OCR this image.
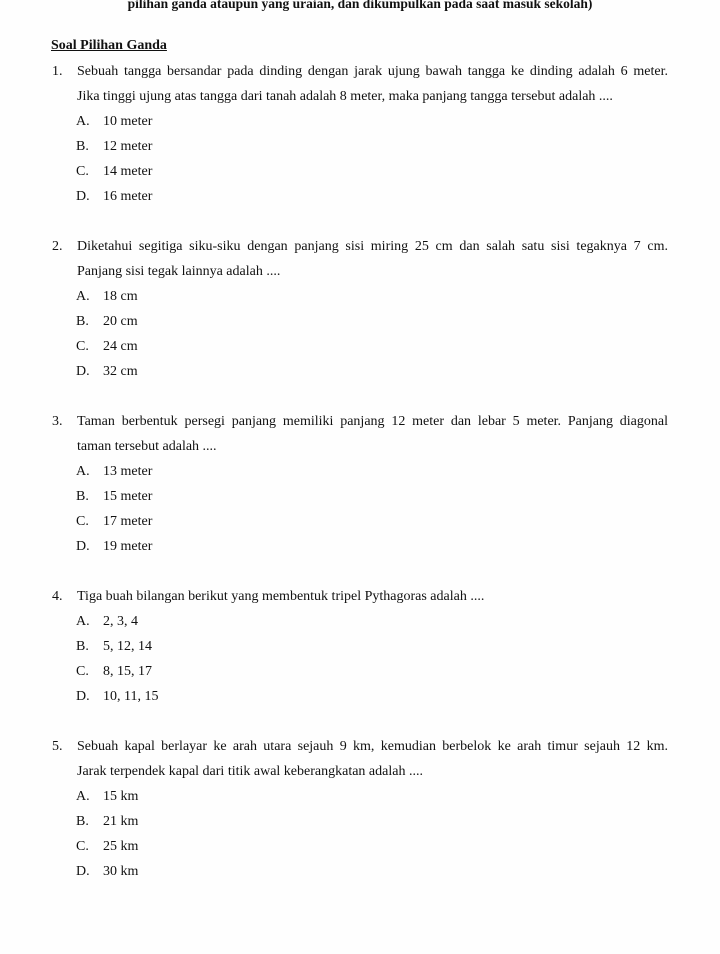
pilihan ganda ataupun yang uraian, dan dikumpulkan pada saat masuk sekolah)
Soal Pilihan Ganda
1.	Sebuah tangga bersandar pada dinding dengan jarak ujung bawah tangga ke dinding adalah 6 meter.
Jika tinggi ujung atas tangga dari tanah adalah 8 meter, maka panjang tangga tersebut adalah ....
A. 10 meter
B.	12 meter
C.	14 meter
D. 16 meter
2.	Diketahui segitiga siku-siku dengan panjang sisi miring 25 cm dan salah satu sisi tegaknya 7 cm.
Panjang sisi tegak lainnya adalah ....
A. 18 cm
B.	20 cm
C.	24 cm
D. 32 cm
3.	Taman berbentuk persegi panjang memiliki panjang 12 meter dan lebar 5 meter. Panjang diagonal
taman tersebut adalah ....
A. 13 meter
B.	15 meter
C.	17 meter
D. 19 meter
4.	Tiga buah bilangan berikut yang membentuk tripel Pythagoras adalah ....
A. 2, 3, 4
B.	5, 12, 14
C.	8, 15, 17
D. 10, 11, 15
5.	Sebuah kapal berlayar ke arah utara sejauh 9 km, kemudian berbelok ke arah timur sejauh 12 km.
Jarak terpendek kapal dari titik awal keberangkatan adalah ....
A. 15 km
B.	21 km
C.	25 km
D. 30 km
